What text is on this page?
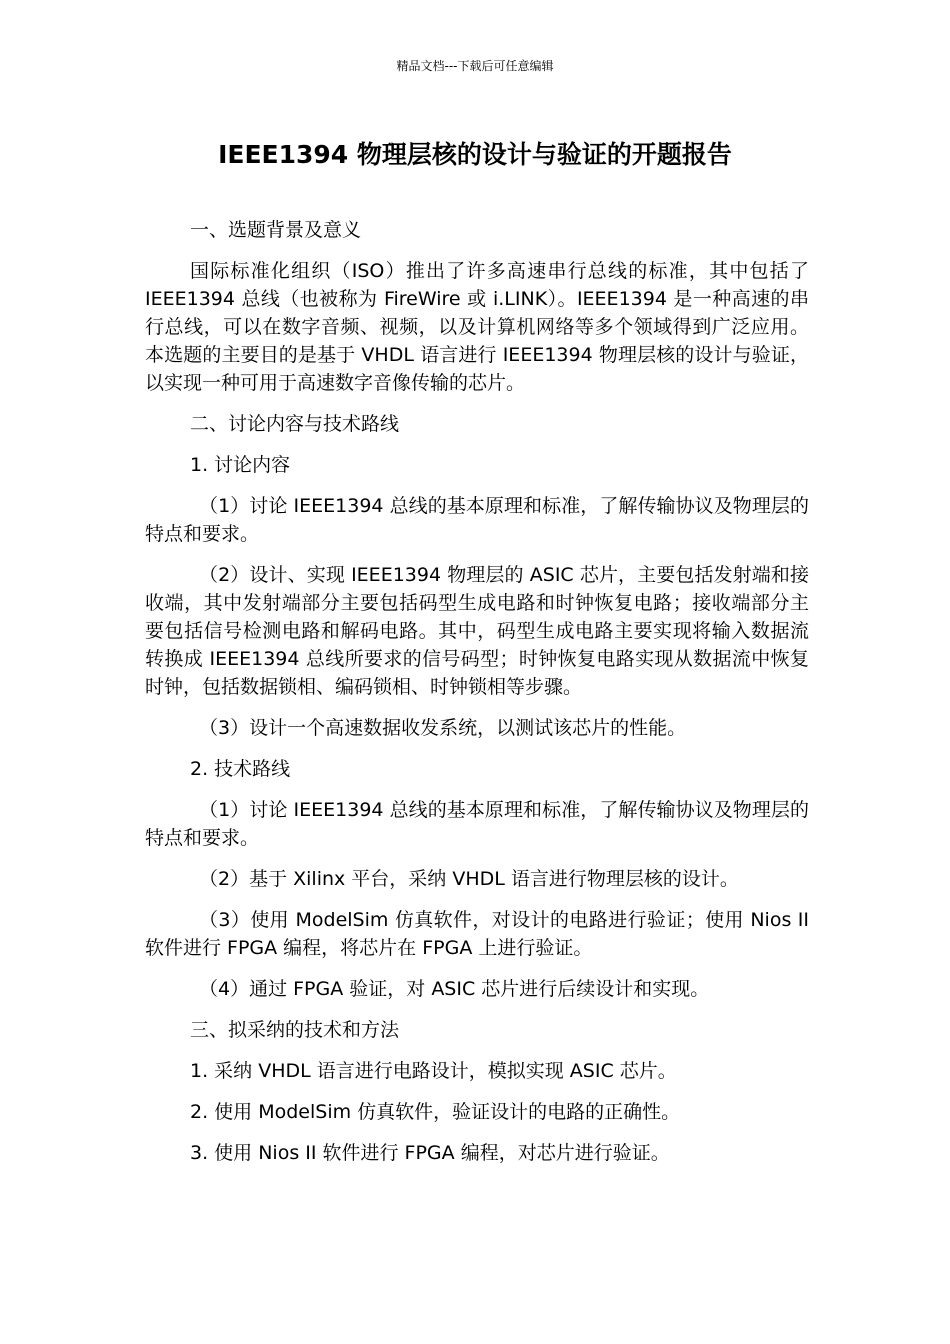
精品文档---下载后可任意编辑
IEEE1394 物理层核的设计与验证的开题报告

一、选题背景及意义

国际标准化组织（ISO）推出了许多高速串行总线的标准，其中包括了 IEEE1394 总线（也被称为 FireWire 或 i.LINK）。IEEE1394 是一种高速的串行总线，可以在数字音频、视频，以及计算机网络等多个领域得到广泛应用。本选题的主要目的是基于 VHDL 语言进行 IEEE1394 物理层核的设计与验证，以实现一种可用于高速数字音像传输的芯片。

二、讨论内容与技术路线

1. 讨论内容

（1）讨论 IEEE1394 总线的基本原理和标准，了解传输协议及物理层的特点和要求。

（2）设计、实现 IEEE1394 物理层的 ASIC 芯片，主要包括发射端和接收端，其中发射端部分主要包括码型生成电路和时钟恢复电路；接收端部分主要包括信号检测电路和解码电路。其中，码型生成电路主要实现将输入数据流转换成 IEEE1394 总线所要求的信号码型；时钟恢复电路实现从数据流中恢复时钟，包括数据锁相、编码锁相、时钟锁相等步骤。

（3）设计一个高速数据收发系统，以测试该芯片的性能。

2. 技术路线

（1）讨论 IEEE1394 总线的基本原理和标准，了解传输协议及物理层的特点和要求。

（2）基于 Xilinx 平台，采纳 VHDL 语言进行物理层核的设计。

（3）使用 ModelSim 仿真软件，对设计的电路进行验证；使用 Nios II 软件进行 FPGA 编程，将芯片在 FPGA 上进行验证。

（4）通过 FPGA 验证，对 ASIC 芯片进行后续设计和实现。

三、拟采纳的技术和方法

1. 采纳 VHDL 语言进行电路设计，模拟实现 ASIC 芯片。

2. 使用 ModelSim 仿真软件，验证设计的电路的正确性。

3. 使用 Nios II 软件进行 FPGA 编程，对芯片进行验证。
